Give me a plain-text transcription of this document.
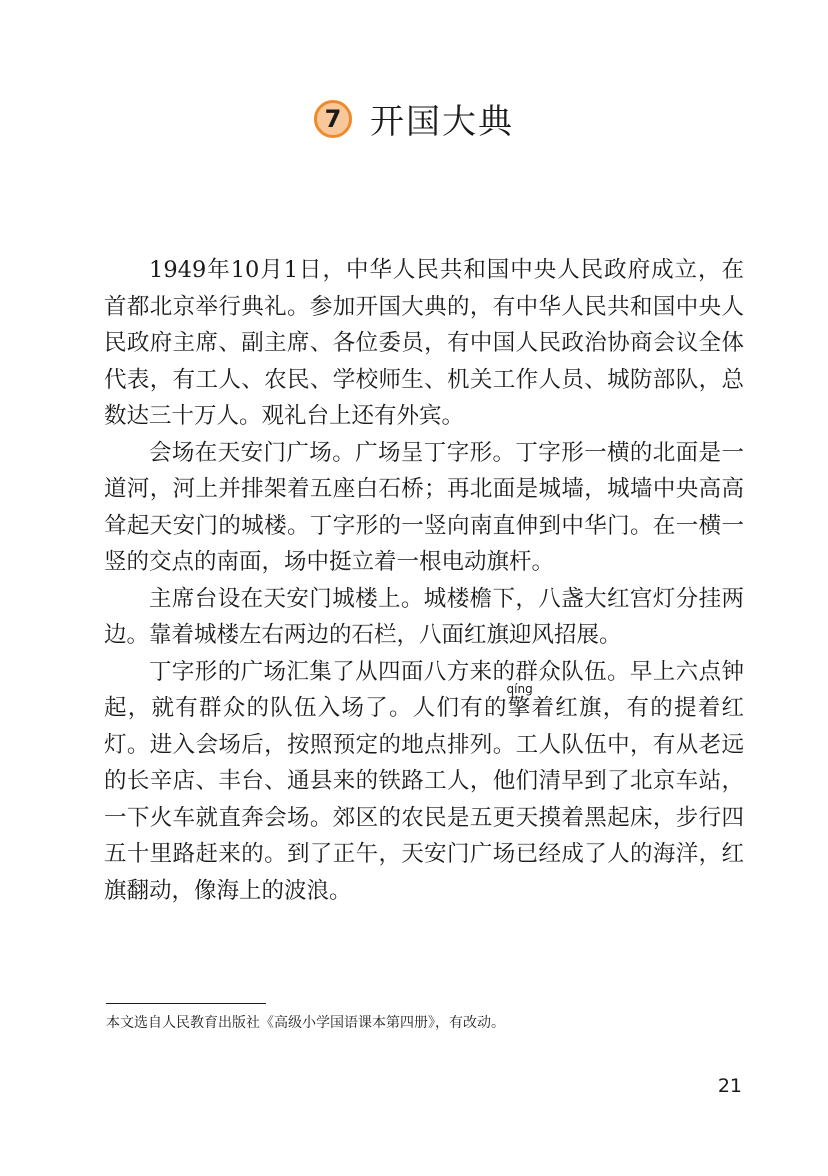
7 开国大典

1949年10月1日，中华人民共和国中央人民政府成立，在首都北京举行典礼。参加开国大典的，有中华人民共和国中央人民政府主席、副主席、各位委员，有中国人民政治协商会议全体代表，有工人、农民、学校师生、机关工作人员、城防部队，总数达三十万人。观礼台上还有外宾。

会场在天安门广场。广场呈丁字形。丁字形一横的北面是一道河，河上并排架着五座白石桥；再北面是城墙，城墙中央高高耸起天安门的城楼。丁字形的一竖向南直伸到中华门。在一横一竖的交点的南面，场中挺立着一根电动旗杆。

主席台设在天安门城楼上。城楼檐下，八盏大红宫灯分挂两边。靠着城楼左右两边的石栏，八面红旗迎风招展。

丁字形的广场汇集了从四面八方来的群众队伍。早上六点钟起，就有群众的队伍入场了。人们有的
qíng
擎着红旗，有的提着红灯。进入会场后，按照预定的地点排列。工人队伍中，有从老远的长辛店、丰台、通县来的铁路工人，他们清早到了北京车站，一下火车就直奔会场。郊区的农民是五更天摸着黑起床，步行四五十里路赶来的。到了正午，天安门广场已经成了人的海洋，红旗翻动，像海上的波浪。

本文选自人民教育出版社《高级小学国语课本第四册》，有改动。
21
